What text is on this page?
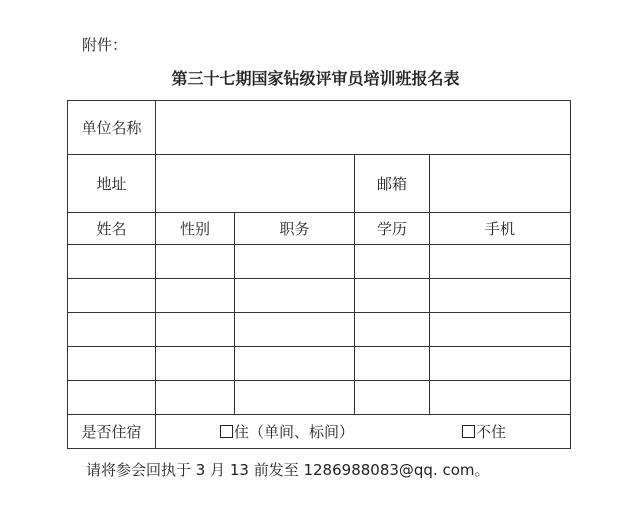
附件：
第三十七期国家钻级评审员培训班报名表
单位名称				
地址			邮箱	
姓名	性别	职务	学历	手机

是否住宿	住（单间、标间） 不住			
请将参会回执于 3 月 13 前发至 1286988083@qq. com。
